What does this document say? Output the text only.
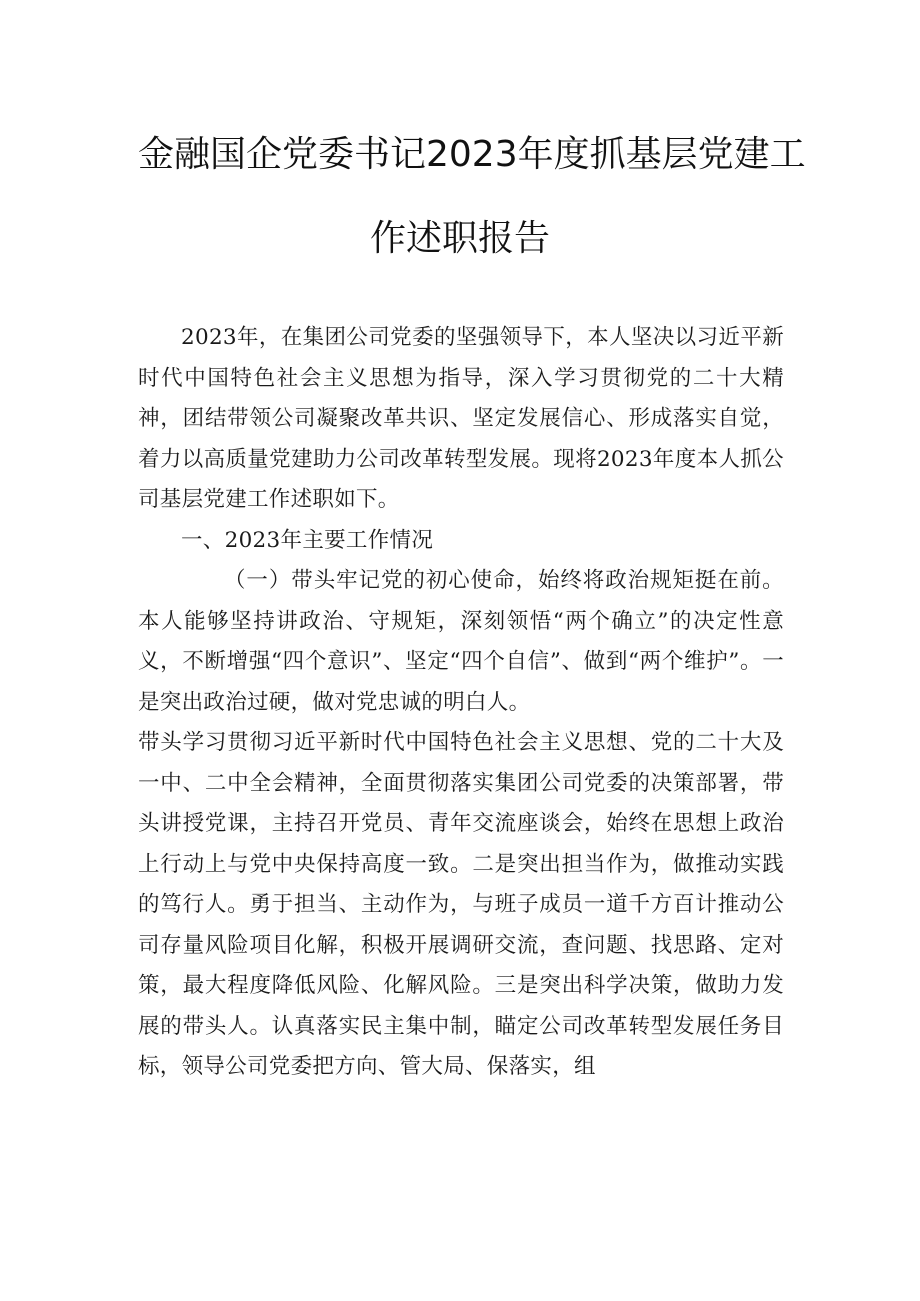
金融国企党委书记2023年度抓基层党建工
作述职报告

2023年，在集团公司党委的坚强领导下，本人坚决以习近平新时代中国特色社会主义思想为指导，深入学习贯彻党的二十大精神，团结带领公司凝聚改革共识、坚定发展信心、形成落实自觉，着力以高质量党建助力公司改革转型发展。现将2023年度本人抓公司基层党建工作述职如下。

一、2023年主要工作情况

（一）带头牢记党的初心使命，始终将政治规矩挺在前。本人能够坚持讲政治、守规矩，深刻领悟“两个确立”的决定性意义，不断增强“四个意识”、坚定“四个自信”、做到“两个维护”。一是突出政治过硬，做对党忠诚的明白人。

带头学习贯彻习近平新时代中国特色社会主义思想、党的二十大及一中、二中全会精神，全面贯彻落实集团公司党委的决策部署，带头讲授党课，主持召开党员、青年交流座谈会，始终在思想上政治上行动上与党中央保持高度一致。二是突出担当作为，做推动实践的笃行人。勇于担当、主动作为，与班子成员一道千方百计推动公司存量风险项目化解，积极开展调研交流，查问题、找思路、定对策，最大程度降低风险、化解风险。三是突出科学决策，做助力发展的带头人。认真落实民主集中制，瞄定公司改革转型发展任务目标，领导公司党委把方向、管大局、保落实，组
